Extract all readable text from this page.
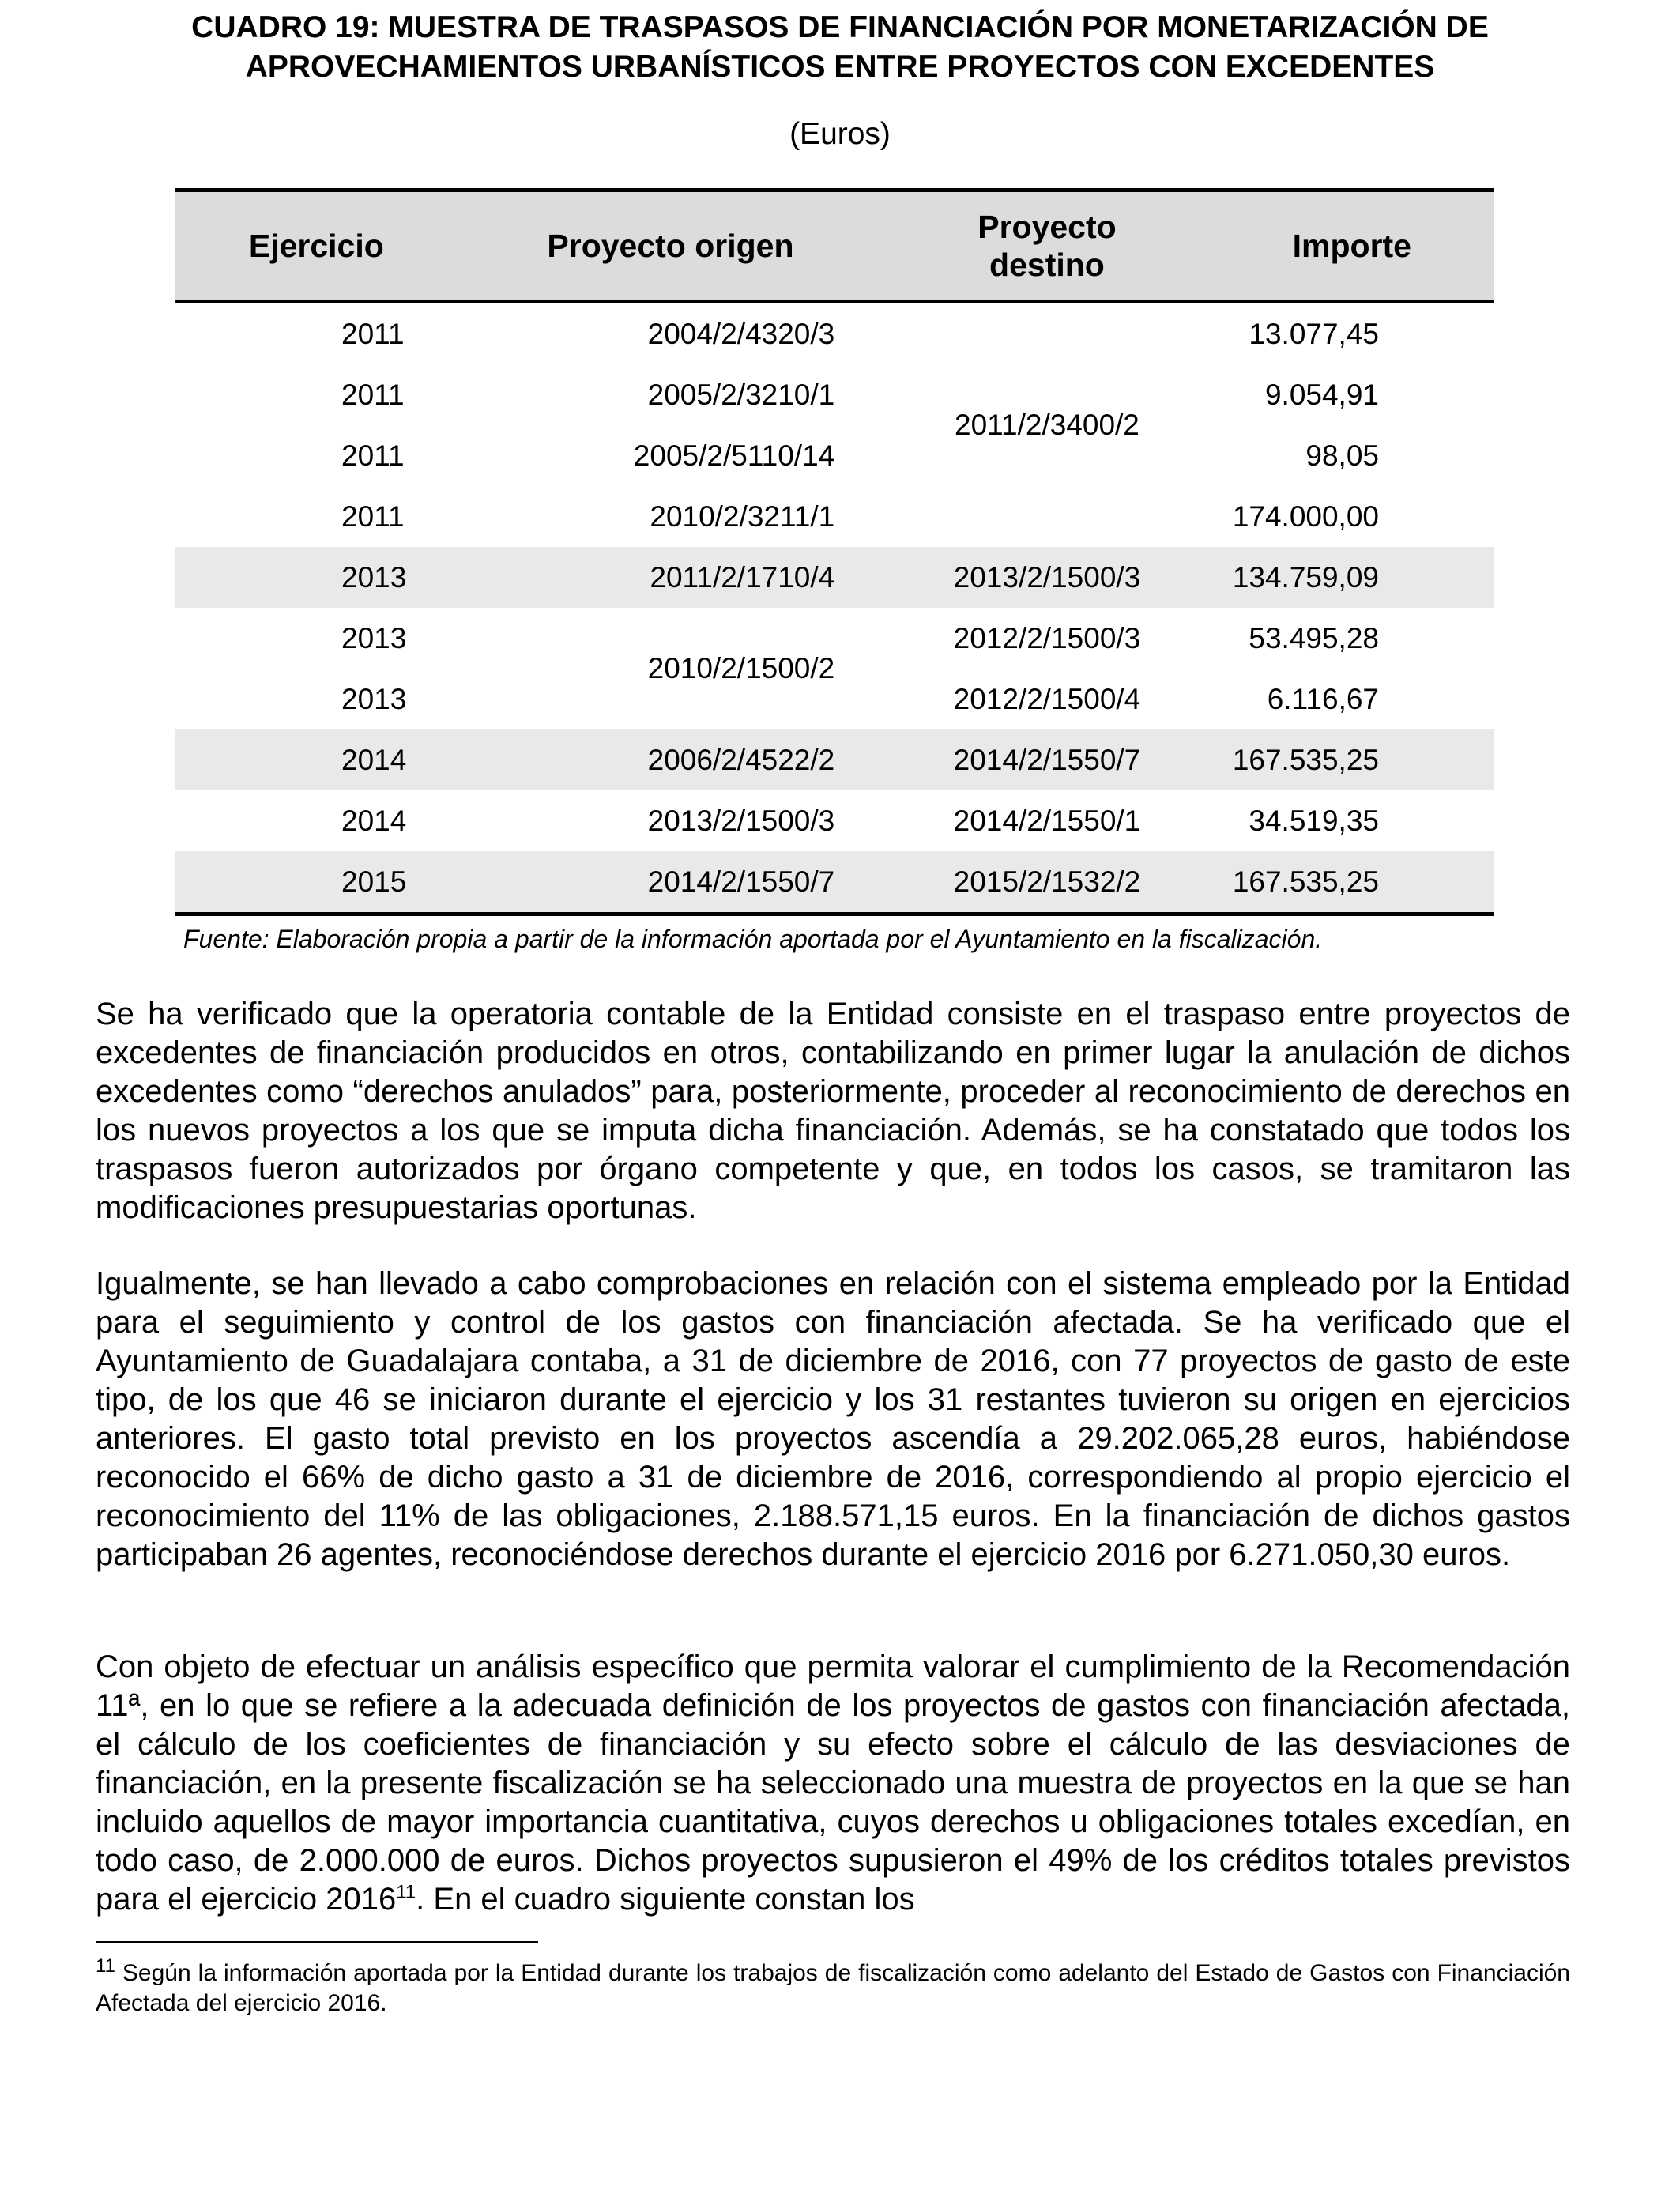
CUADRO 19: MUESTRA DE TRASPASOS DE FINANCIACIÓN POR MONETARIZACIÓN DE
APROVECHAMIENTOS URBANÍSTICOS ENTRE PROYECTOS CON EXCEDENTES
(Euros)
Ejercicio	Proyecto origen	Proyecto destino	Importe
2011	2004/2/4320/3	2011/2/3400/2	13.077,45
2011	2005/2/3210/1		9.054,91
2011	2005/2/5110/14		98,05
2011	2010/2/3211/1		174.000,00
2013	2011/2/1710/4	2013/2/1500/3	134.759,09
2013	2010/2/1500/2	2012/2/1500/3	53.495,28
2013		2012/2/1500/4	6.116,67
2014	2006/2/4522/2	2014/2/1550/7	167.535,25
2014	2013/2/1500/3	2014/2/1550/1	34.519,35
2015	2014/2/1550/7	2015/2/1532/2	167.535,25
Fuente: Elaboración propia a partir de la información aportada por el Ayuntamiento en la fiscalización.

Se ha verificado que la operatoria contable de la Entidad consiste en el traspaso entre proyectos de excedentes de financiación producidos en otros, contabilizando en primer lugar la anulación de dichos excedentes como “derechos anulados” para, posteriormente, proceder al reconocimiento de derechos en los nuevos proyectos a los que se imputa dicha financiación. Además, se ha constatado que todos los traspasos fueron autorizados por órgano competente y que, en todos los casos, se tramitaron las modificaciones presupuestarias oportunas.

Igualmente, se han llevado a cabo comprobaciones en relación con el sistema empleado por la Entidad para el seguimiento y control de los gastos con financiación afectada. Se ha verificado que el Ayuntamiento de Guadalajara contaba, a 31 de diciembre de 2016, con 77 proyectos de gasto de este tipo, de los que 46 se iniciaron durante el ejercicio y los 31 restantes tuvieron su origen en ejercicios anteriores. El gasto total previsto en los proyectos ascendía a 29.202.065,28 euros, habiéndose reconocido el 66% de dicho gasto a 31 de diciembre de 2016, correspondiendo al propio ejercicio el reconocimiento del 11% de las obligaciones, 2.188.571,15 euros. En la financiación de dichos gastos participaban 26 agentes, reconociéndose derechos durante el ejercicio 2016 por 6.271.050,30 euros.

Con objeto de efectuar un análisis específico que permita valorar el cumplimiento de la Recomendación 11ª, en lo que se refiere a la adecuada definición de los proyectos de gastos con financiación afectada, el cálculo de los coeficientes de financiación y su efecto sobre el cálculo de las desviaciones de financiación, en la presente fiscalización se ha seleccionado una muestra de proyectos en la que se han incluido aquellos de mayor importancia cuantitativa, cuyos derechos u obligaciones totales excedían, en todo caso, de 2.000.000 de euros. Dichos proyectos supusieron el 49% de los créditos totales previstos para el ejercicio 2016$^{11}$. En el cuadro siguiente constan los

$^{11}$ Según la información aportada por la Entidad durante los trabajos de fiscalización como adelanto del Estado de Gastos con Financiación Afectada del ejercicio 2016.
